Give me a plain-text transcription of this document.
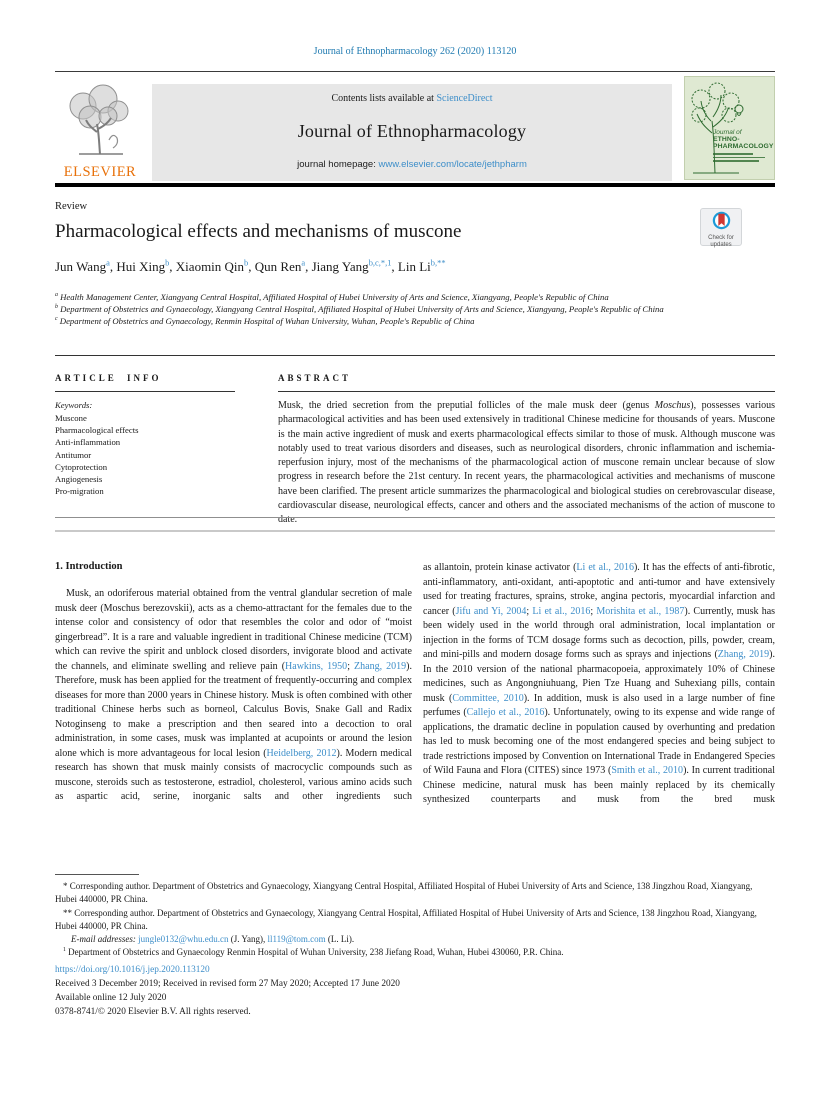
Journal of Ethnopharmacology 262 (2020) 113120
ELSEVIER
Contents lists available at ScienceDirect
Journal of Ethnopharmacology
journal homepage: www.elsevier.com/locate/jethpharm
Journal of
ETHNO-
PHARMACOLOGY
Review
Pharmacological effects and mechanisms of muscone	Check for updates
Jun Wang$^a$, Hui Xing$^b$, Xiaomin Qin$^b$, Qun Ren$^a$, Jiang Yang$^{b,c,*,1}$, Lin $Li^{b,**}$
$^a$ Health Management Center, Xiangyang Central Hospital, Affiliated Hospital of Hubei University of Arts and Science, Xiangyang, People's Republic of China
$^b$ Department of Obstetrics and Gynaecology, Xiangyang Central Hospital, Affiliated Hospital of Hubei University of Arts and Science, Xiangyang, People's Republic of China
$^c$ Department of Obstetrics and Gynaecology, Renmin Hospital of Wuhan University, Wuhan, People's Republic of China
ARTICLE INFO
Keywords:
Muscone
Pharmacological effects
Anti-inflammation
Antitumor
Cytoprotection
Angiogenesis
Pro-migration
ABSTRACT
Musk, the dried secretion from the preputial follicles of the male musk deer (genus Moschus), possesses various pharmacological activities and has been used extensively in traditional Chinese medicine for thousands of years. Muscone is the main active ingredient of musk and exerts pharmacological effects similar to those of musk. Although muscone was notably used to treat various disorders and diseases, such as neurological disorders, chronic inflammation and ischemia-reperfusion injury, most of the mechanisms of the pharmacological action of muscone remain unclear because of slow progress in research before the 21st century. In recent years, the pharmacological activities and mechanisms of muscone have been clarified. The present article summarizes the pharmacological and biological studies on cerebrovascular disease, cardiovascular disease, neurological effects, cancer and others and the associated mechanisms of the action of muscone to date.
1. Introduction
Musk, an odoriferous material obtained from the ventral glandular secretion of male musk deer (Moschus berezovskii), acts as a chemo-attractant for the females due to the intense color and consistency of odor that resembles the color and odor of “moist gingerbread”. It is a rare and valuable ingredient in traditional Chinese medicine (TCM) which can revive the spirit and unblock closed disorders, invigorate blood and activate the channels, and eliminate swelling and relieve pain (Hawkins, 1950; Zhang, 2019). Therefore, musk has been applied for the treatment of frequently-occurring and complex diseases for more than 2000 years in Chinese history. Musk is often combined with other traditional Chinese herbs such as borneol, Calculus Bovis, Snake Gall and Radix Notoginseng to make a prescription and then seared into a decoction to oral administration, in some cases, musk was implanted at acupoints or around the lesion alone which is more advantageous for local lesion (Heidelberg, 2012). Modern medical research has shown that musk mainly consists of macrocyclic compounds such as muscone, steroids such as testosterone, estradiol, cholesterol, various amino acids such as aspartic acid, serine, inorganic salts and other ingredients such
as allantoin, protein kinase activator (Li et al., 2016). It has the effects of anti-fibrotic, anti-inflammatory, anti-oxidant, anti-apoptotic and anti-tumor and have extensively used for treating fractures, sprains, stroke, angina pectoris, myocardial infarction and cancer (Jifu and Yi, 2004; Li et al., 2016; Morishita et al., 1987). Currently, musk has been widely used in the world through oral administration, local implantation or injection in the forms of TCM dosage forms such as decoction, pills, powder, cream, and mini-pills and modern dosage forms such as sprays and injections (Zhang, 2019). In the 2010 version of the national pharmacopoeia, approximately 10% of Chinese medicines, such as Angongniuhuang, Pien Tze Huang and Suhexiang pills, contain musk (Committee, 2010). In addition, musk is also used in a large number of fine perfumes (Callejo et al., 2016). Unfortunately, owing to its expense and wide range of applications, the dramatic decline in population caused by overhunting and predation has led to musk becoming one of the most endangered species and being subject to trade restrictions imposed by Convention on International Trade in Endangered Species of Wild Fauna and Flora (CITES) since 1973 (Smith et al., 2010). In current traditional Chinese medicine, natural musk has been mainly replaced by its chemically synthesized counterparts and musk from the bred musk

* Corresponding author. Department of Obstetrics and Gynaecology, Xiangyang Central Hospital, Affiliated Hospital of Hubei University of Arts and Science, 138 Jingzhou Road, Xiangyang, Hubei 440000, PR China.

** Corresponding author. Department of Obstetrics and Gynaecology, Xiangyang Central Hospital, Affiliated Hospital of Hubei University of Arts and Science, 138 Jingzhou Road, Xiangyang, Hubei 440000, PR China.

E-mail addresses: jungle0132@whu.edu.cn (J. Yang), ll119@tom.com (L. Li).

$^1$ Department of Obstetrics and Gynaecology Renmin Hospital of Wuhan University, 238 Jiefang Road, Wuhan, Hubei 430060, P.R. China.

https://doi.org/10.1016/j.jep.2020.113120
Received 3 December 2019; Received in revised form 27 May 2020; Accepted 17 June 2020
Available online 12 July 2020
0378-8741/© 2020 Elsevier B.V. All rights reserved.
